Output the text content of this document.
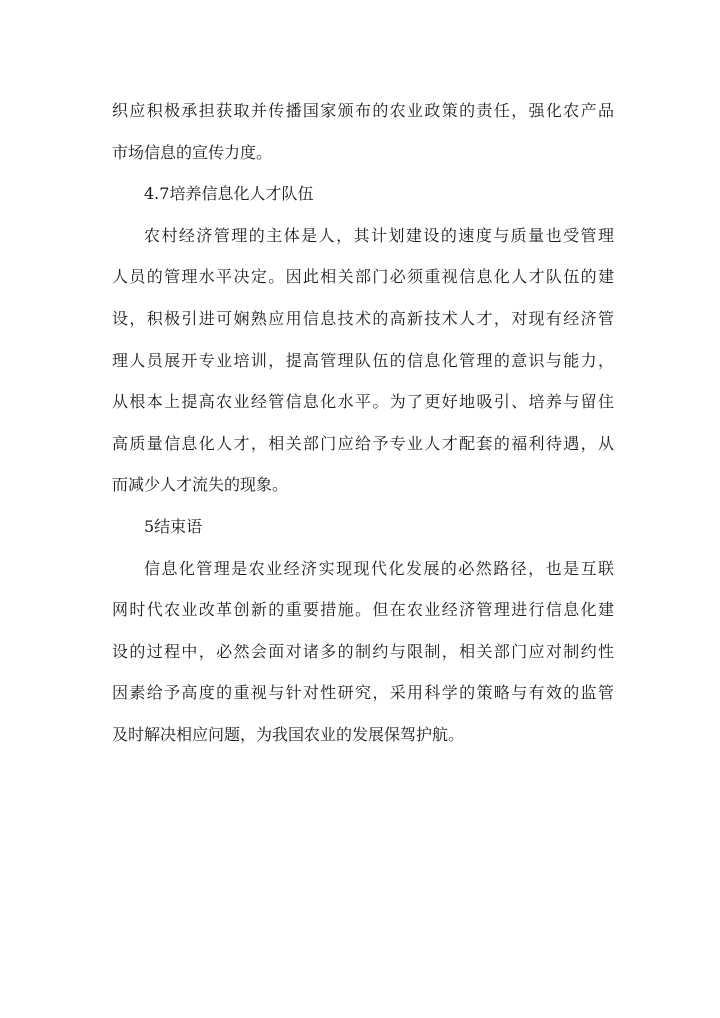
织应积极承担获取并传播国家颁布的农业政策的责任，强化农产品
市场信息的宣传力度。
4.7培养信息化人才队伍
农村经济管理的主体是人，其计划建设的速度与质量也受管理
人员的管理水平决定。因此相关部门必须重视信息化人才队伍的建
设，积极引进可娴熟应用信息技术的高新技术人才，对现有经济管
理人员展开专业培训，提高管理队伍的信息化管理的意识与能力，
从根本上提高农业经管信息化水平。为了更好地吸引、培养与留住
高质量信息化人才，相关部门应给予专业人才配套的福利待遇，从
而减少人才流失的现象。
5结束语
信息化管理是农业经济实现现代化发展的必然路径，也是互联
网时代农业改革创新的重要措施。但在农业经济管理进行信息化建
设的过程中，必然会面对诸多的制约与限制，相关部门应对制约性
因素给予高度的重视与针对性研究，采用科学的策略与有效的监管
及时解决相应问题，为我国农业的发展保驾护航。
